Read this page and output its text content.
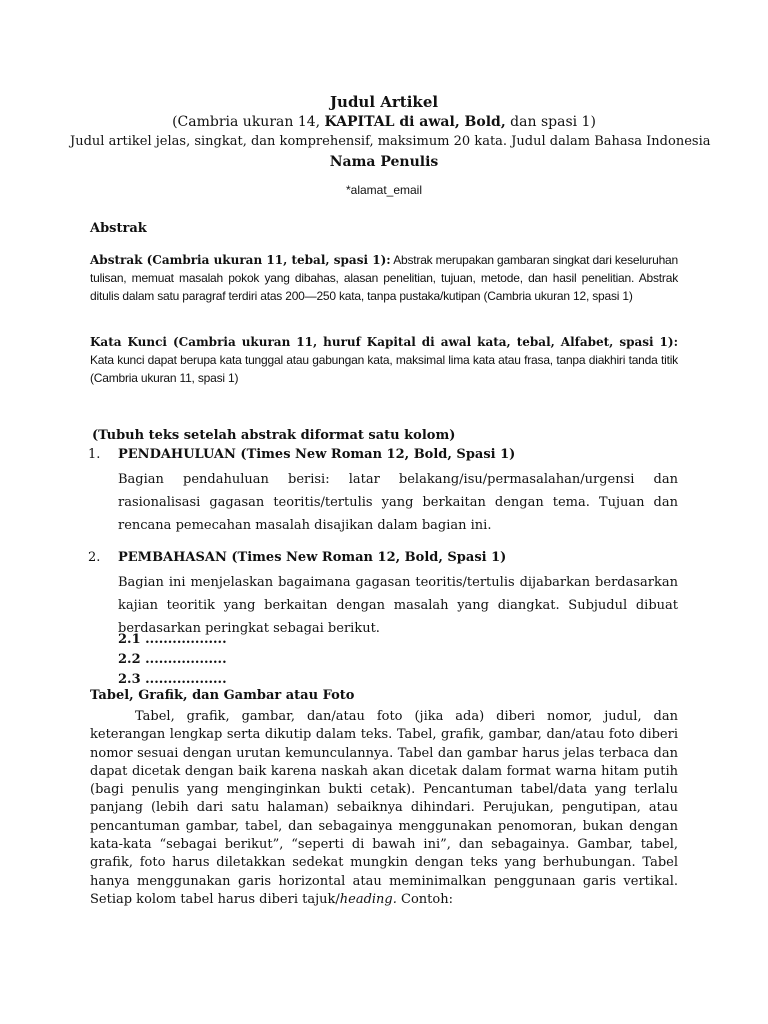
Judul Artikel
(Cambria ukuran 14, KAPITAL di awal, Bold, dan spasi 1)
Judul artikel jelas, singkat, dan komprehensif, maksimum 20 kata. Judul dalam Bahasa Indonesia
Nama Penulis
*alamat_email
Abstrak
Abstrak (Cambria ukuran 11, tebal, spasi 1): Abstrak merupakan gambaran singkat dari keseluruhan tulisan, memuat masalah pokok yang dibahas, alasan penelitian, tujuan, metode, dan hasil penelitian. Abstrak ditulis dalam satu paragraf terdiri atas 200—250 kata, tanpa pustaka/kutipan (Cambria ukuran 12, spasi 1)
Kata Kunci (Cambria ukuran 11, huruf Kapital di awal kata, tebal, Alfabet, spasi 1): Kata kunci dapat berupa kata tunggal atau gabungan kata, maksimal lima kata atau frasa, tanpa diakhiri tanda titik (Cambria ukuran 11, spasi 1)
(Tubuh teks setelah abstrak diformat satu kolom)
1.	PENDAHULUAN (Times New Roman 12, Bold, Spasi 1)
Bagian pendahuluan berisi: latar belakang/isu/permasalahan/urgensi dan rasionalisasi gagasan teoritis/tertulis yang berkaitan dengan tema. Tujuan dan rencana pemecahan masalah disajikan dalam bagian ini.
2.	PEMBAHASAN (Times New Roman 12, Bold, Spasi 1)
Bagian ini menjelaskan bagaimana gagasan teoritis/tertulis dijabarkan berdasarkan kajian teoritik yang berkaitan dengan masalah yang diangkat. Subjudul dibuat berdasarkan peringkat sebagai berikut.
2.1 ..................
2.2 ..................
2.3 ..................
Tabel, Grafik, dan Gambar atau Foto
Tabel, grafik, gambar, dan/atau foto (jika ada) diberi nomor, judul, dan keterangan lengkap serta dikutip dalam teks. Tabel, grafik, gambar, dan/atau foto diberi nomor sesuai dengan urutan kemunculannya. Tabel dan gambar harus jelas terbaca dan dapat dicetak dengan baik karena naskah akan dicetak dalam format warna hitam putih (bagi penulis yang menginginkan bukti cetak). Pencantuman tabel/data yang terlalu panjang (lebih dari satu halaman) sebaiknya dihindari. Perujukan, pengutipan, atau pencantuman gambar, tabel, dan sebagainya menggunakan penomoran, bukan dengan kata-kata “sebagai berikut”, “seperti di bawah ini”, dan sebagainya. Gambar, tabel, grafik, foto harus diletakkan sedekat mungkin dengan teks yang berhubungan. Tabel hanya menggunakan garis horizontal atau meminimalkan penggunaan garis vertikal. Setiap kolom tabel harus diberi tajuk/heading. Contoh:
